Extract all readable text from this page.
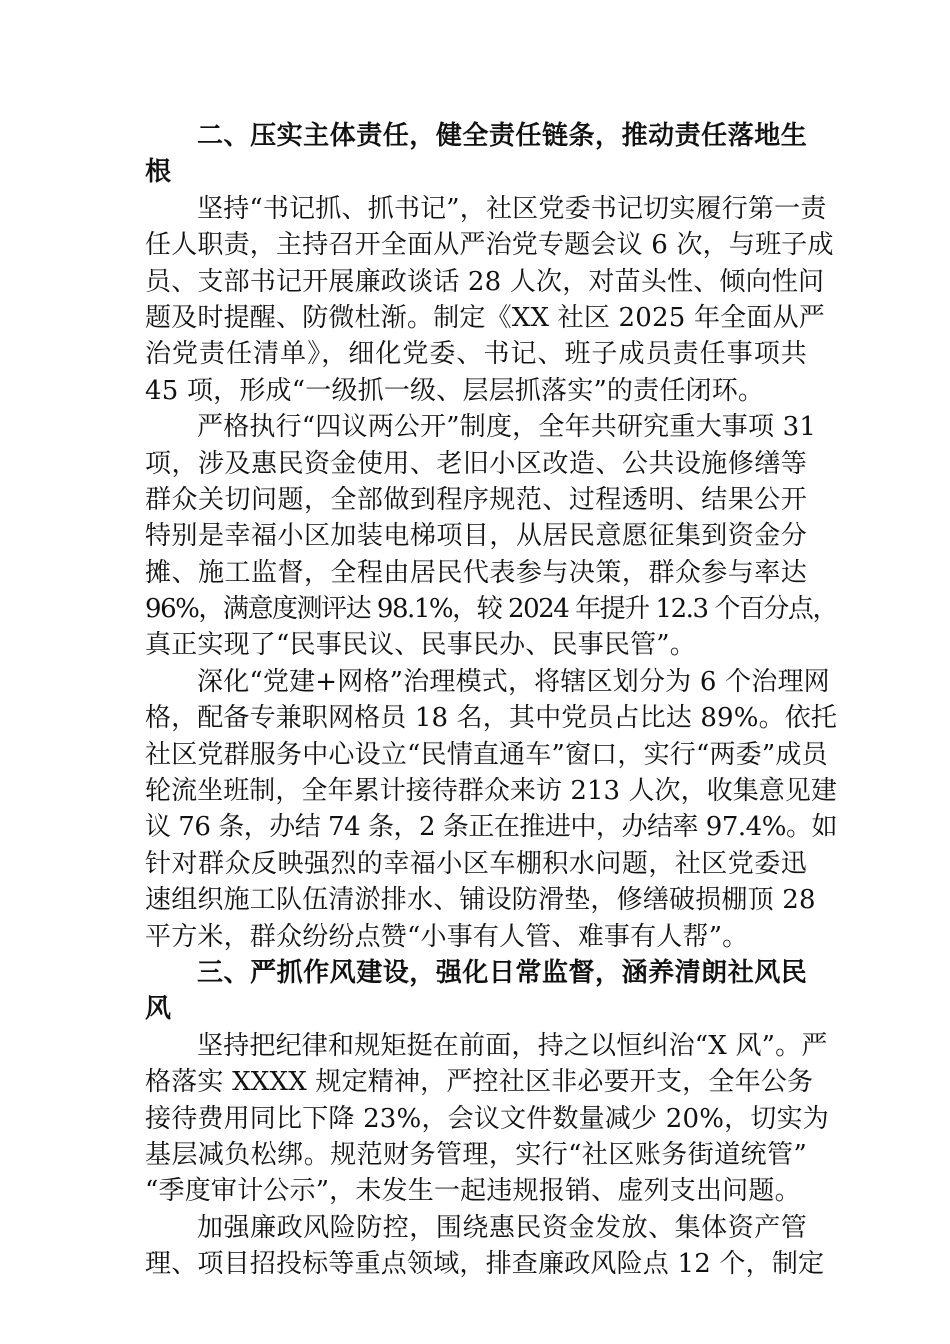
二、压实主体责任，健全责任链条，推动责任落地生
根
坚持“书记抓、抓书记”，社区党委书记切实履行第一责
任人职责，主持召开全面从严治党专题会议 6 次，与班子成
员、支部书记开展廉政谈话 28 人次，对苗头性、倾向性问
题及时提醒、防微杜渐。制定《XX 社区 2025 年全面从严
治党责任清单》，细化党委、书记、班子成员责任事项共
45 项，形成“一级抓一级、层层抓落实”的责任闭环。
严格执行“四议两公开”制度，全年共研究重大事项 31
项，涉及惠民资金使用、老旧小区改造、公共设施修缮等
群众关切问题，全部做到程序规范、过程透明、结果公开
特别是幸福小区加装电梯项目，从居民意愿征集到资金分
摊、施工监督，全程由居民代表参与决策，群众参与率达
96%，满意度测评达 98.1%，较 2024 年提升 12.3 个百分点，
真正实现了“民事民议、民事民办、民事民管”。
深化“党建+网格”治理模式，将辖区划分为 6 个治理网
格，配备专兼职网格员 18 名，其中党员占比达 89%。依托
社区党群服务中心设立“民情直通车”窗口，实行“两委”成员
轮流坐班制，全年累计接待群众来访 213 人次，收集意见建
议 76 条，办结 74 条，2 条正在推进中，办结率 97.4%。如
针对群众反映强烈的幸福小区车棚积水问题，社区党委迅
速组织施工队伍清淤排水、铺设防滑垫，修缮破损棚顶 28
平方米，群众纷纷点赞“小事有人管、难事有人帮”。
三、严抓作风建设，强化日常监督，涵养清朗社风民
风
坚持把纪律和规矩挺在前面，持之以恒纠治“X 风”。严
格落实 XXXX 规定精神，严控社区非必要开支，全年公务
接待费用同比下降 23%，会议文件数量减少 20%，切实为
基层减负松绑。规范财务管理，实行“社区账务街道统管”
“季度审计公示”，未发生一起违规报销、虚列支出问题。
加强廉政风险防控，围绕惠民资金发放、集体资产管
理、项目招投标等重点领域，排查廉政风险点 12 个，制定
